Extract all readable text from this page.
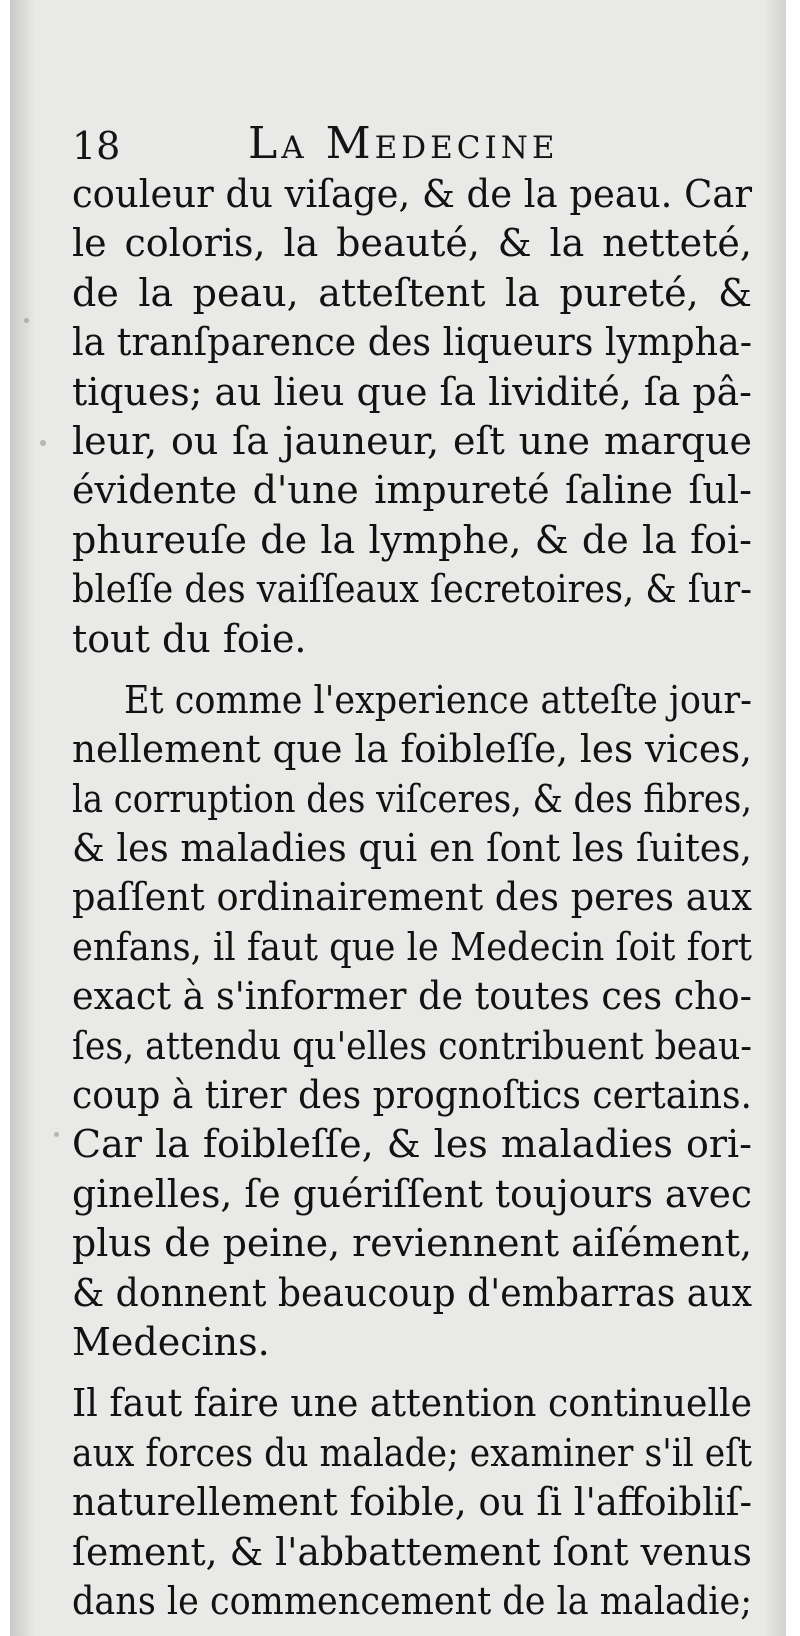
18	La Medecine
couleur du viſage, & de la peau. Car
le coloris, la beauté, & la netteté,
de la peau, atteſtent la pureté, &
la tranſparence des liqueurs lympha-
tiques; au lieu que ſa lividité, ſa pâ-
leur, ou ſa jauneur, eſt une marque
évidente d'une impureté ſaline ſul-
phureuſe de la lymphe, & de la foi-
bleſſe des vaiſſeaux ſecretoires, & ſur-
tout du foie.
Et comme l'experience atteſte jour-
nellement que la foibleſſe, les vices,
la corruption des viſceres, & des fibres,
& les maladies qui en ſont les ſuites,
paſſent ordinairement des peres aux
enfans, il faut que le Medecin ſoit fort
exact à s'informer de toutes ces cho-
ſes, attendu qu'elles contribuent beau-
coup à tirer des prognoſtics certains.
Car la foibleſſe, & les maladies ori-
ginelles, ſe guériſſent toujours avec
plus de peine, reviennent aiſément,
& donnent beaucoup d'embarras aux
Medecins.
Il faut faire une attention continuelle
aux forces du malade; examiner s'il eſt
naturellement foible, ou ſi l'affoibliſ-
ſement, & l'abbattement ſont venus
dans le commencement de la maladie;
